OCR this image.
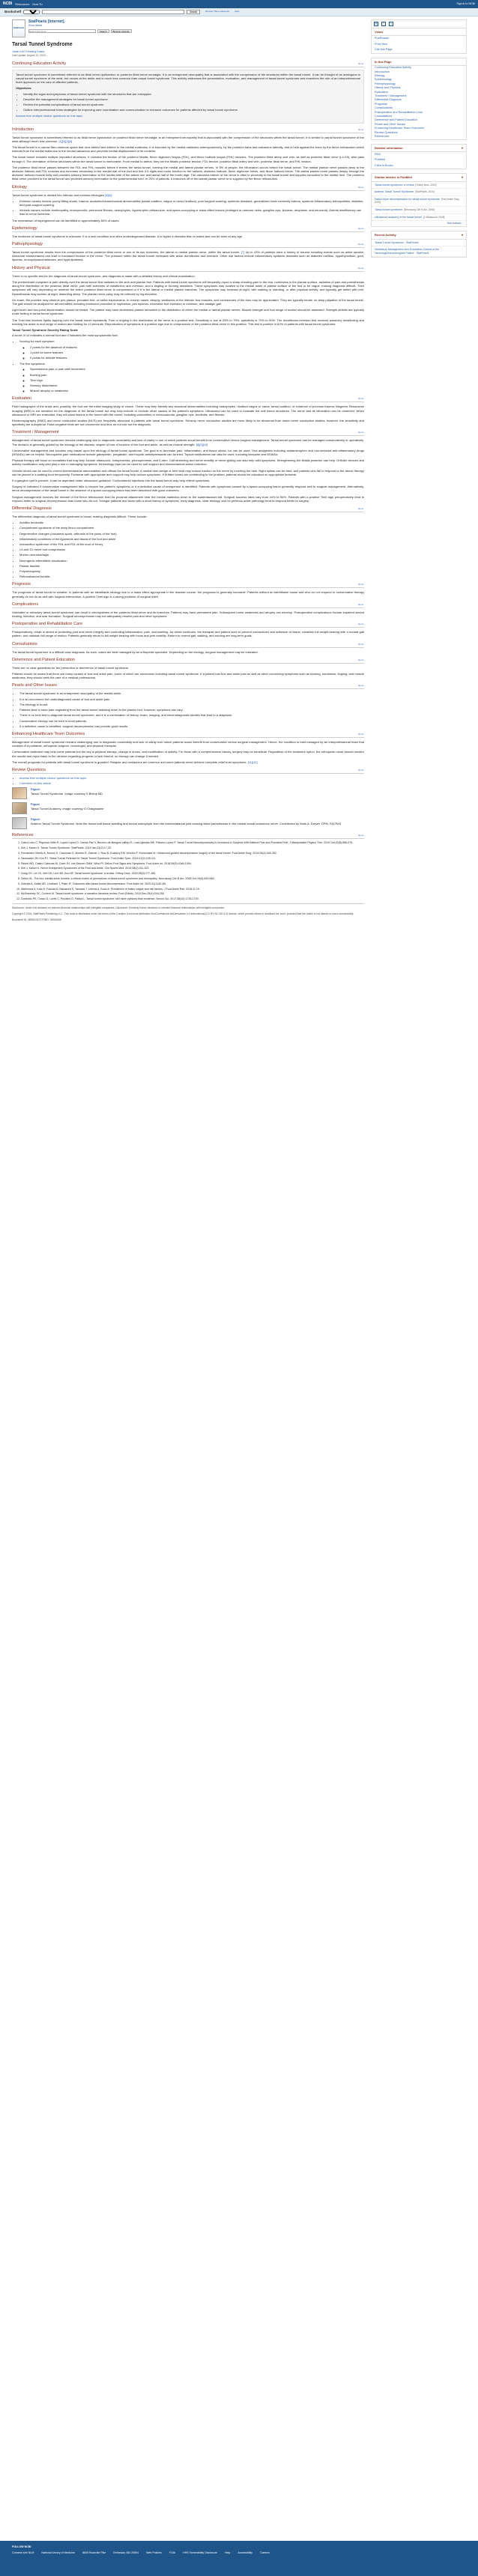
NCBI Resources How To	Sign in to NCBI
Bookshelf
Books	Search	Browse Titles Advanced Help
StatPearls
StatPearls [Internet].
Show details
Search this book
Search	Browse contents
Tarsal Tunnel Syndrome
Justin Kiel; Kimberly Kaiser.
Last Update: August 12, 2023.
Continuing Education Activity	Go to:

Tarsal tunnel syndrome is sometimes referred to as tibial nerve dysfunction or posterior tibial nerve neuralgia. It is an entrapment neuropathy that is associated with the compression of the structures within the tarsal tunnel. It can be thought of as analogous to carpal tunnel syndrome of the wrist, but occurs at the ankle and is much less common than carpal tunnel syndrome. This activity addresses the presentation, evaluation, and management of tarsal tunnel syndrome and examines the role of an interprofessional team approach on the care of affected patients.

Objectives:

• Identify the signs and symptoms of tarsal tunnel syndrome with the structures that are entrapped.
• Describe the management strategies for tarsal tunnel syndrome.
• Review the potential complications of tarsal tunnel syndrome.
• Outline interprofessional team strategies for improving care coordination and communication to enhance outcomes for patients affected by tarsal tunnel syndrome.

Access free multiple choice questions on this topic.

Introduction	Go to:

Tarsal tunnel syndrome is sometimes referred to as tibial nerve dysfunction or posterior tibial nerve neuralgia, is an entrapment neuropathy that is associated with the compression of the structures within the tarsal tunnel. It is similar to carpal tunnel syndrome of the wrist although much less common. [1][2][3][4]

The tarsal tunnel is a narrow fibro-osseous space that runs behind and inferior to the medial malleolus. It is bounded by the medial malleolus anteroposteriorly, by the posterior talus and calcaneus laterally, and is held against the bone by the flexor retinaculum which extends from the medial malleolus to the medial calcaneus and prevents medial displacement of its contents.

The tarsal tunnel includes multiple important structures. It contains the tendon of the posterior tibialis, flexor digitorum longus (FDL), and flexor hallucis longus (FHL) muscles. The posterior tibial artery and vein, as well as posterior tibial nerve (L4-S3), also pass through it. The orientation of these structures within the tarsal tunnel is memorable. From medial to lateral, they are the tibialis posterior tendon, FDL tendon, posterior tibial artery and vein, posterior tibial nerve, and FHL tendon.

The posterior tibial nerve passes between the FDL and FHL muscles before it enters the tarsal tunnel, forming the medial and lateral plantar nerves. In 5% of people, the bifurcation occurs before the tarsal tunnel. The medial plantar nerve passes deep to the abductor hallucis and FDL muscles and becomes secondary to the medial half of the foot and first 3.5 digits and motor function to the hallucis, abductor hallucis, flexor digitorum brevis, and flexor hallucis brevis. The lateral plantar nerve passes deeply through the abductor hallucis muscle belly and provides sensory innervation to the medial side of the lateral one and lateral half of the fourth digit. The calcaneal branch of the nerve is often in proximity to the tarsal tunnel and supplies sensation to the medial heel. The posterior tibial nerve provided to the tarsal tunnel and provides sensory innervation to the posteromedial heel. In 25% of patients, it branches off of the lateral plantar nerve or is supplied by the flexor retinaculum.

Etiology	Go to:

Tarsal tunnel syndrome is divided into intrinsic and extrinsic etiologies [5][6]:

• Extrinsic causes include poorly fitting shoes, trauma, anatomic/biomechanical abnormalities (tarsal coalition, valgus or varus hindfoot), post surgical scarring, systemic diseases, generalized lower extremity edema, systemic inflammatory arthropathies, diabetes, and post-surgical scarring.
• Intrinsic causes include tendinopathy, tenosynovitis, perineural fibrosis, osteophytes, hypertrophic retinaculum, and space-occupying or mass effect lesions (enlarged or varicose veins, ganglion cyst, lipomas, neoplasm, and neuroma). Arterial insufficiency can lead to nerve ischemia.

The mechanism of impingement can be identified in approximately 80% of cases.

Epidemiology	Go to:

The incidence of tarsal tunnel syndrome is unknown. It is a rare condition and often underdiagnosed disease. It is higher in females than in males and can be seen at any age.

Pathophysiology	Go to:

Tarsal tunnel syndrome results from the compression of the posterior tibial nerve or one of its two branches, the lateral or medial plantar nerve, within the tarsal tunnel. [7] Up to 43% of patients have a history of trauma including events such as ankle sprains. Abnormal biomechanics can lead to increased tension in the nerve. The pressure within the tarsal tunnel increases with ankle dorsiflexion and eversion. Other risk factors include inflammatory systemic diseases such as diabetes mellitus, hypothyroidism, gout, lipomas, mucopolysaccharidoses, and hyperlipidemia.

History and Physical	Go to:

There is no specific test for the diagnosis of tarsal tunnel syndrome, and diagnosis is made with a detailed history and clinical examination.

The predominant complaint is pain directly over the tarsal tunnel that radiates to the arch and plantar foot. Patients with tarsal tunnel syndrome will frequently report a sharp shooting pain in the foot, numbness in the plantar surface, radiation of pain and paresthesias along the distribution of the posterior tibial nerve, pain with extremes of dorsiflexion and eversion, and a tingling or burning sensation. These symptoms may localize to the medial ankle or plantar surface of the foot or be vague, making diagnosis difficult. Their symptoms will vary depending on whether the entire posterior tibial nerve is compressed or if it is the lateral or medial plantar branches. The symptoms may increase at night, with walking or standing, or after physical activity, and typically get better with rest. Dysesthesias may worsen at night, disturbing sleep. The plantar nerve palsy may be relieved by leg elevation.

On exam, the provider may observe pes planus, pronated foot, or hallux equinovarus. In chronic cases, atrophy, weakness of the intrinsic foot muscles, and contractures of the toes may be appreciated. They are typically tender on deep palpation of the tarsal tunnel. The gait should be analyzed for abnormalities including excessive pronation or supination, pes equinus, excessive foot inversion or eversion, and antalgic gait.

Light touch and two-point discrimination should be tested. The patient may have diminished plantar sensation in the distribution of either the medial or lateral plantar nerves. Muscle strength and foot range of motion should be assessed. Strength deficits are typically a late finding in tarsal tunnel syndrome.

The Tinel test involves lightly tapping over the tarsal tunnel repeatedly. Pain or tingling in the distribution of the nerve is a positive test. Sensitivity is low at 25% to 75%; specificity is 70% to 90%. The dorsiflexion-eversion test involves passively dorsiflexing and everting the ankle to end range of motion and holding for 10 seconds. Reproduction of symptoms is a positive sign due to compression of the posterior tibial nerve in this position. This test is positive in 82% of patients with tarsal tunnel syndrome.

Tarsal Tunnel Syndrome Severity Rating Scale

A score of 10 indicates a normal foot and 0 indicates the most symptomatic foot:

• Scoring for each symptom
◦ 2 points for the absence of features
◦ 1 point for some features
◦ 0 points for definite features
• The five symptoms:
◦ Spontaneous pain or pain with movement
◦ Burning pain
◦ Tinel sign
◦ Sensory disturbance
◦ Muscle atrophy or weakness
Evaluation	Go to:

Plain radiographs of the ankle and, possibly, the foot are the initial imaging study of choice. These may help identify any structural abnormalities including osteophytes, hindfoot valgus or varus, tarsal coalition, or evidence of previous trauma. Magnetic Resonance Imaging (MRI) is not sensitive for the diagnosis of the tarsal tunnel but may help include or exclude other causes of the patient's symptoms. Ultrasound can be used to evaluate the soft tissue structures. The nerve and its bifurcation can be observed. When ultrasound or MRI are evaluated, they will show lesions in the tunnel with the tunnel, including varicosities or neurovascular, ganglion cyst, tendinitis, and fibrosis.

Electromyography (EMG) and nerve conduction studies (NCS) are frequently abnormal in patients with tarsal tunnel syndrome. Sensory nerve conduction studies are more likely to be abnormal than motor nerve conduction studies; however, the sensitivity and specificity are suboptimal. False-negative tests are not uncommon and thus do not rule out the diagnosis.

Treatment / Management	Go to:

Management of tarsal tunnel syndrome remains challenging due to diagnostic uncertainty and lack of clarity in use of which patients would benefit from conservative versus surgical management. Tarsal tunnel syndrome can be managed conservatively or operatively. The decision is generally guided by the etiology of the disease, degree of loss of function of the foot and ankle, as well as muscle strength. [8][9][10]

Conservative management and success vary based upon the etiology of tarsal tunnel syndrome. The goal is to decrease pain, inflammation, and tissue stress. Ice can be used. Oral analgesics including acetaminophen and non-steroidal anti-inflammatory drugs (NSAIDs) can be helpful. Neuropathic pain medications include gabapentin, pregabalin, and tricyclic antidepressants can be tried. Topical medications can also be used, including lidocaine and NSAIDs.

Physical therapy will focus on modalities that may help include ultrasound, iontophoresis, phonophoresis, and E-stim. Calf stretching and nerve mobility or nerve gliding can also help with symptoms. Strengthening the tibialis posterior can help. Orthotic devices and activity modification may also play a role in managing symptoms. Kinesiology tape can be used for soft support and biomechanical stress reduction.

Orthotic shoes can be used to correct biomechanical abnormalities and offload the tarsal tunnel. A medial heel wedge or heel seat may reduce traction on the nerve by inverting the heel. Night splints can be tried, and patients who fail to respond to the above therapy can be placed in a walking boot temporarily. Footwear with appropriate arch support may help reduce symptoms. If ill-fitted shoes are contributing to the problem, patients should be educated on appropriate footwear.

If a ganglion cyst is present, it can be aspirated under ultrasound guidance. Corticosteroid injections into the tarsal tunnel may help relieve symptoms.

Surgery is indicated if conservative management fails to resolve the patient's symptoms or if a definitive cause of entrapment is identified. Patients with symptoms caused by a space-occupying lesion generally respond well to surgical management. Alternatively, nerve decompression of the tarsal tunnel in the absence of a space-occupying lesion has been described with good outcomes.

Surgical management involves the release of the flexor retinaculum from its proximal attachment near the medial malleolus down to the sustentaculum tali. Surgical success rates vary from 44% to 96%. Patients with a positive Tinel sign preoperatively tend to respond better to surgical decompression than those who do not. Younger patients and those with a short history of symptoms, early diagnosis, clear etiology, and no previous ankle pathology tend to respond better to surgery.

Differential Diagnosis	Go to:

The differential diagnosis of tarsal tunnel syndrome is broad, making diagnosis difficult. These include:

• Achilles tendonitis
• Compartment syndrome of the deep flexor compartment
• Degenerative changes (calcaneal spurs, arthrosis of the joints of the foot)
• Inflammatory conditions of the ligaments and fascia of the foot and ankle
• Intersection syndrome of the FHL and FDL at the knot of Henry
• L5 and S1 nerve root compression
• Morton neuroma/algia
• Neurogenic intermittent claudication
• Plantar fasciitis
• Polyneuropathy
• Retrocalcaneal bursitis
Prognosis	Go to:

The prognosis of tarsal tunnel is variable. In patients with an identifiable etiology due to a mass effect appropriate in the disease course, the prognosis is generally favorable. Patients without an identifiable cause and who do not respond to conservative therapy generally do not do as well with surgical intervention. A positive Tinel sign is a strong predictor of surgical relief.

Complications	Go to:

Untreated or refractory tarsal tunnel syndrome can result in neuropathies of the posterior tibial nerve and its branches. Patients may have permanent pain. Subsequent motor weakness and atrophy can develop. Postoperative complications include impaired wound healing, infection, and scar formation. Surgical decompression may not adequately resolve pain and other symptoms.

Postoperative and Rehabilitation Care	Go to:

Postoperatively, rehab is aimed at protecting joint and nerve integrity and controlling inflammation, pain, and swelling. As rehab continues, the therapist and patient work to prevent contractures and adhesion of tissue, establish full weight-bearing with a normal gait pattern, and maintain full range of motion. Patients generally return to full weight bearing with focus and joint mobility. Return to normal gait, walking, and running are long-term goals.

Consultations	Go to:

The tarsal tunnel syndrome is a difficult case diagnosis. As such, cases are best managed by an orthopedic specialist. Depending on the etiology, surgical management may be indicated.

Deterrence and Patient Education	Go to:

There are no clear guidelines for the prevention or deterrence of tarsal tunnel syndrome.

Patients should be aware that there are many causes of foot and ankle pain, some of which are uncommon including tarsal tunnel syndrome. If a patient has foot and ankle pain as well as other concerning symptoms such as burning, numbness, tingling, and muscle weakness, they should seek the care of a medical professional.

Pearls and Other Issues	Go to:
• The tarsal tunnel syndrome is an entrapment neuropathy of the medial ankle.
• It is an uncommon but underdiagnosed cause of foot and ankle pain.
• The etiology is broad.
• Patients tend to have pain originating from the tarsal tunnel radiating down to the plantar foot, however, symptoms can vary.
• There is no best test to diagnose tarsal tunnel syndrome, and it is a combination of history, exam, imaging, and electrodiagnostic studies that lead to a diagnosis.
• Conservative therapy can be tried in most patients.
• If a definitive cause is identified, surgical decompression can provide good results.
Enhancing Healthcare Team Outcomes	Go to:

Management of tarsal tunnel syndrome remains challenging due to diagnostic uncertainty and lack of clarity over which patients would benefit from conservative versus surgical management. Hence, the condition is best managed by an interprofessional team that consists of a podiatrist, orthopedic surgeon, neurologist, and physical therapist.

Conservative treatment may help some patients but the key is physical therapy, change in shoes, and modification of activity. For those with a comprehensive history, surgery may be beneficial. Regardless of the treatment option, the orthopedic nurse should monitor the results and report back to the clinician regarding progress or lack thereof, so therapy can change if needed.

The overall prognosis for patients with tarsal tunnel syndrome is guarded. Relapse and remissions are common and some patients never achieve complete relief from symptoms. [11][12]

Review Questions	Go to:
• Access free multiple choice questions on this topic.
• Comment on this article.
Figure
Tarsal Tunnel Syndrome. Image courtesy S Bhimji MD
Figure
Tarsal Tunnel Anatomy. Image courtesy O Chaigasame
Figure
Anterior Tarsal Tunnel Syndrome. Note the dorsal soft tissue swelling and dorsal osteophyte from the intermetatarsal joint causing distal paresthesias in the medial dorsal cutaneous nerve. Contributed by Mark A. Dreyer, DPM, FACFAS
References	Go to:
1. Calvo-Lobo C, Piquinos-Villar R, Lopez-Lopez D, Garcia-Paz V, Becerro-de-Bengoa-Vallejo R, Losa-Iglesias ME, Palomo-Lopez P. Tarsal Tunnel Neurodynamicity Is Increased in Subjects With Midfoot Pain and Pronated Feet. J Manipulative Physiol Ther. 2019 Oct;42(8):568-575.
2. Kiel J, Kaiser K. Tarsal Tunnel Syndrome. StatPearls. 2019 Jan;23(2):17-20.
3. Fernandez-Gibello A, Moroni S, Camunas G, Montes R, Zwirner J, Ruiz B, Duxbury EM, Monton F, Konschake M. Ultrasound-guided decompression surgery of the tarsal tunnel. Foot Ankle Surg. 2019;25(4):345-352.
4. Zackowski JM, Kim PJ. Tarsal Tunnel Release for Tarsal Tunnel Syndrome. Foot Ankle Spec. 2019;12(2):105-111.
5. Rinkel WD, Castro Cabezas M, Coert JH, van Deuren GMM, Wind PI. Dellon Foot Signs and Symptoms. Foot Ankle Int. 2018;39(9):1046-1054.
6. Kiel J, Kaiser K. Nerve Entrapment Syndromes of the Foot and Ankle. Clin Sports Med. 2019;38(2):311-322.
7. Hung CH, Lin YK, Wei SH, Lee HM, Kuo NF. Tarsal tunnel syndrome: a review. Orthop Nurs. 2019;38(3):177-183.
8. Dellon AL. The four medial ankle tunnels: a critical review of perceptions of tarsal tunnel syndrome and neuropathy. Neurosurg Clin N Am. 2008 Oct;19(4):629-648.
9. Sohrabi A, Kallini AR, Leuthard T, Plate JF. Outcomes after tarsal tunnel decompression. Foot Ankle Int. 2020;41(1):82-89.
10. Nishimura A, Kato K, Fukuda A, Nakazora S, Yamada T, Uchida A, Sudo A. Prevalence of hallux valgus and risk factors. J Foot Ankle Res. 2018;11:19.
11. McSweeney SC, Cichero M. Tarsal tunnel syndrome: a narrative literature review. Foot (Edinb). 2015 Dec;25(4):244-250.
12. Doneddu PE, Coraci D, Loreti C, Piccinini G, Padua L. Tarsal tunnel syndrome: still more opinions than evidence. Neurol Sci. 2017;38(10):1735-1739.
Disclosure: Justin Kiel declares no relevant financial relationships with ineligible companies. Disclosure: Kimberly Kaiser declares no relevant financial relationships with ineligible companies.
Copyright © 2024, StatPearls Publishing LLC. This book is distributed under the terms of the Creative Commons Attribution-NonCommercial-NoDerivatives 4.0 International (CC BY-NC-ND 4.0) license, which permits others to distribute the work, provided that the article is not altered or used commercially.
Bookshelf ID: NBK513273 PMID: 30020645
✉	f	t
Views
PubReader
Print View
Cite this Page
In this Page
Continuing Education Activity
Introduction
Etiology
Epidemiology
Pathophysiology
History and Physical
Evaluation
Treatment / Management
Differential Diagnosis
Prognosis
Complications
Postoperative and Rehabilitation Care
Consultations
Deterrence and Patient Education
Pearls and Other Issues
Enhancing Healthcare Team Outcomes
Review Questions
References
Related information	▾
PMC
PubMed
Cited in Books
Similar articles in PubMed	▾
Tarsal tunnel syndrome: a review. [Orthop Nurs. 2019]
Anterior Tarsal Tunnel Syndrome. [StatPearls. 2024]
Dellon triple decompression for tarsal tunnel syndrome. [Foot Ankle Surg. 2019]
Tarsal tunnel syndrome. [Neurosurg Clin N Am. 2008]
Ultrasound anatomy of the tarsal tunnel. [J Ultrasound. 2018]
See reviews...
Recent Activity	▾
Tarsal Tunnel Syndrome - StatPearls
Ventilatory Management and Extubation Criteria of the Neurologic/Neurosurgical Patient - StatPearls
FOLLOW NCBI
Connect with NLM	National Library of Medicine	8600 Rockville Pike	Bethesda, MD 20894	Web Policies	FOIA	HHS Vulnerability Disclosure	Help	Accessibility	Careers
